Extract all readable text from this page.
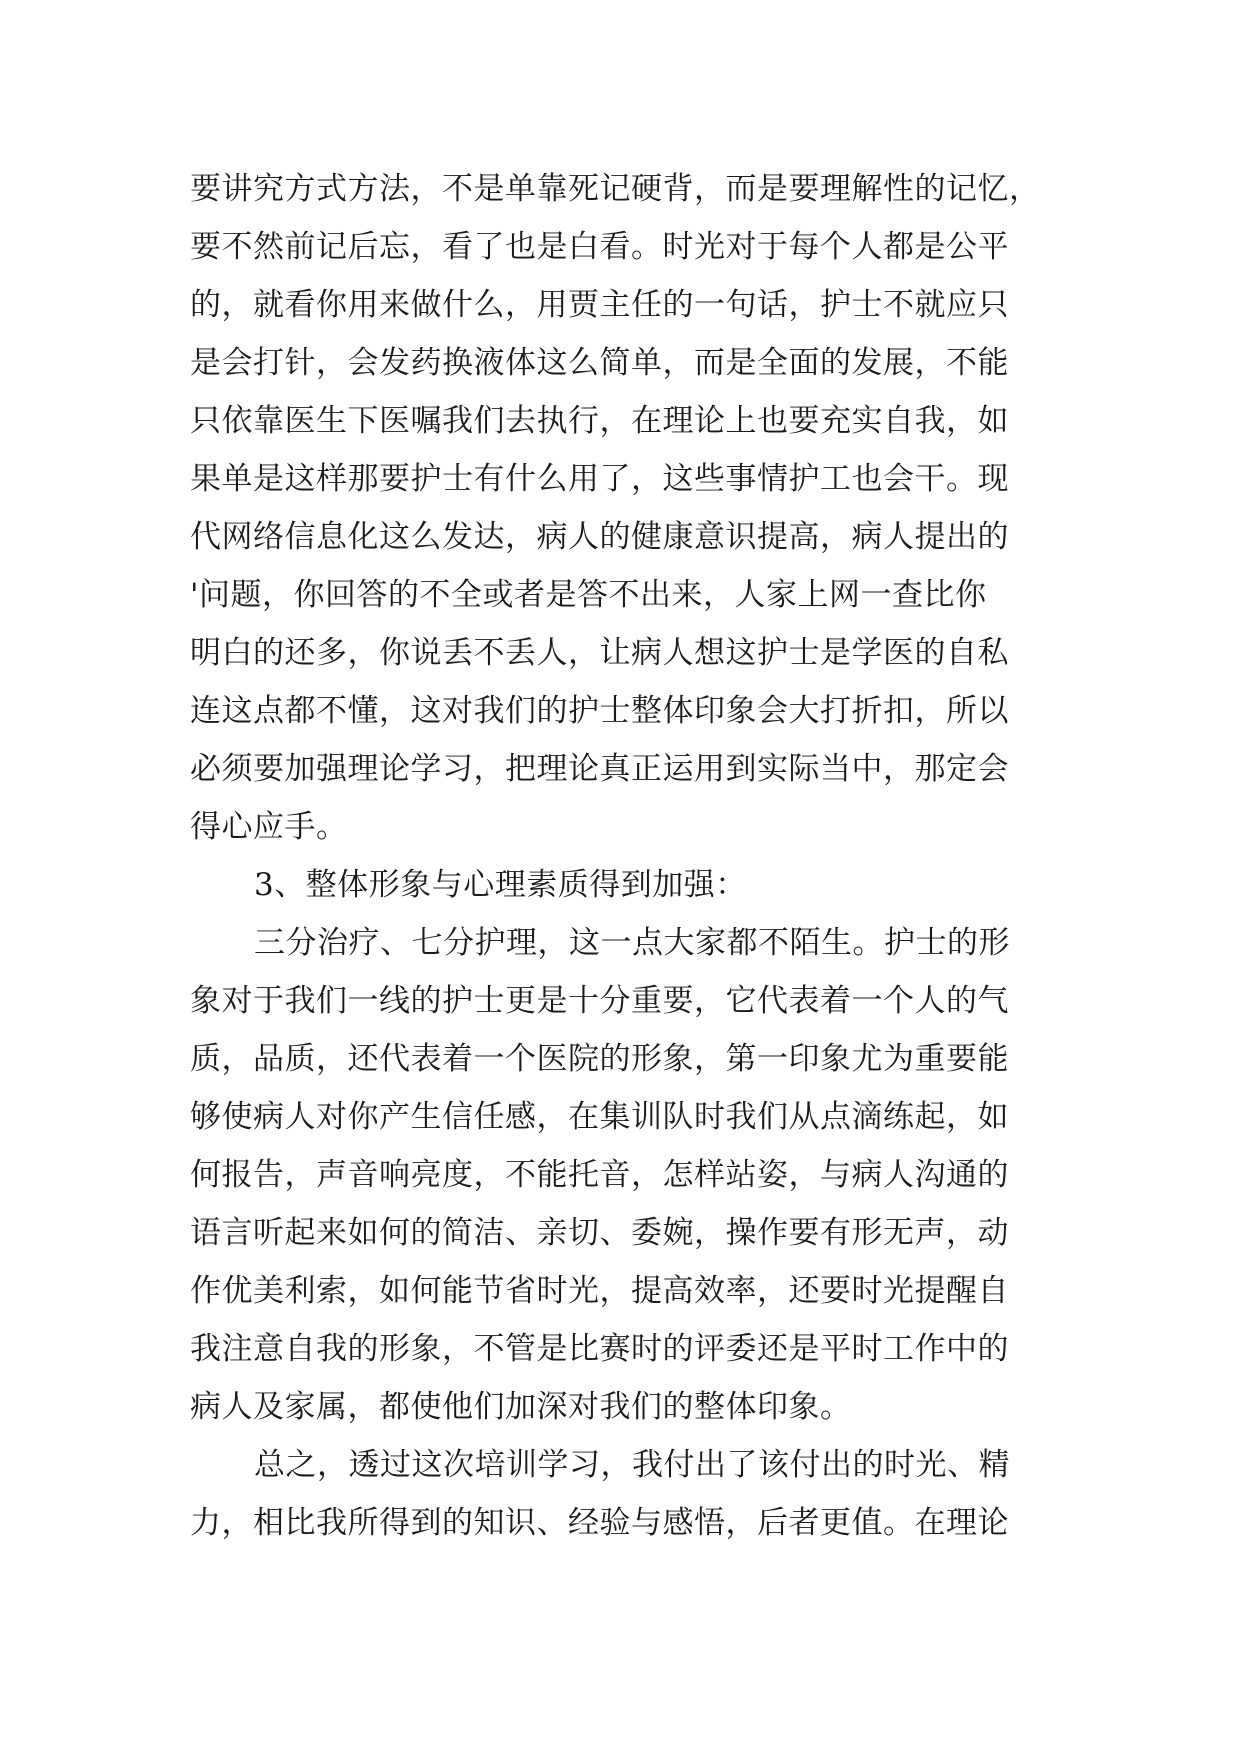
要讲究方式方法，不是单靠死记硬背，而是要理解性的记忆，
要不然前记后忘，看了也是白看。时光对于每个人都是公平
的，就看你用来做什么，用贾主任的一句话，护士不就应只
是会打针，会发药换液体这么简单，而是全面的发展，不能
只依靠医生下医嘱我们去执行，在理论上也要充实自我，如
果单是这样那要护士有什么用了，这些事情护工也会干。现
代网络信息化这么发达，病人的健康意识提高，病人提出的
'问题，你回答的不全或者是答不出来，人家上网一查比你
明白的还多，你说丢不丢人，让病人想这护士是学医的自私
连这点都不懂，这对我们的护士整体印象会大打折扣，所以
必须要加强理论学习，把理论真正运用到实际当中，那定会
得心应手。
3、整体形象与心理素质得到加强：
三分治疗、七分护理，这一点大家都不陌生。护士的形
象对于我们一线的护士更是十分重要，它代表着一个人的气
质，品质，还代表着一个医院的形象，第一印象尤为重要能
够使病人对你产生信任感，在集训队时我们从点滴练起，如
何报告，声音响亮度，不能托音，怎样站姿，与病人沟通的
语言听起来如何的简洁、亲切、委婉，操作要有形无声，动
作优美利索，如何能节省时光，提高效率，还要时光提醒自
我注意自我的形象，不管是比赛时的评委还是平时工作中的
病人及家属，都使他们加深对我们的整体印象。
总之，透过这次培训学习，我付出了该付出的时光、精
力，相比我所得到的知识、经验与感悟，后者更值。在理论
